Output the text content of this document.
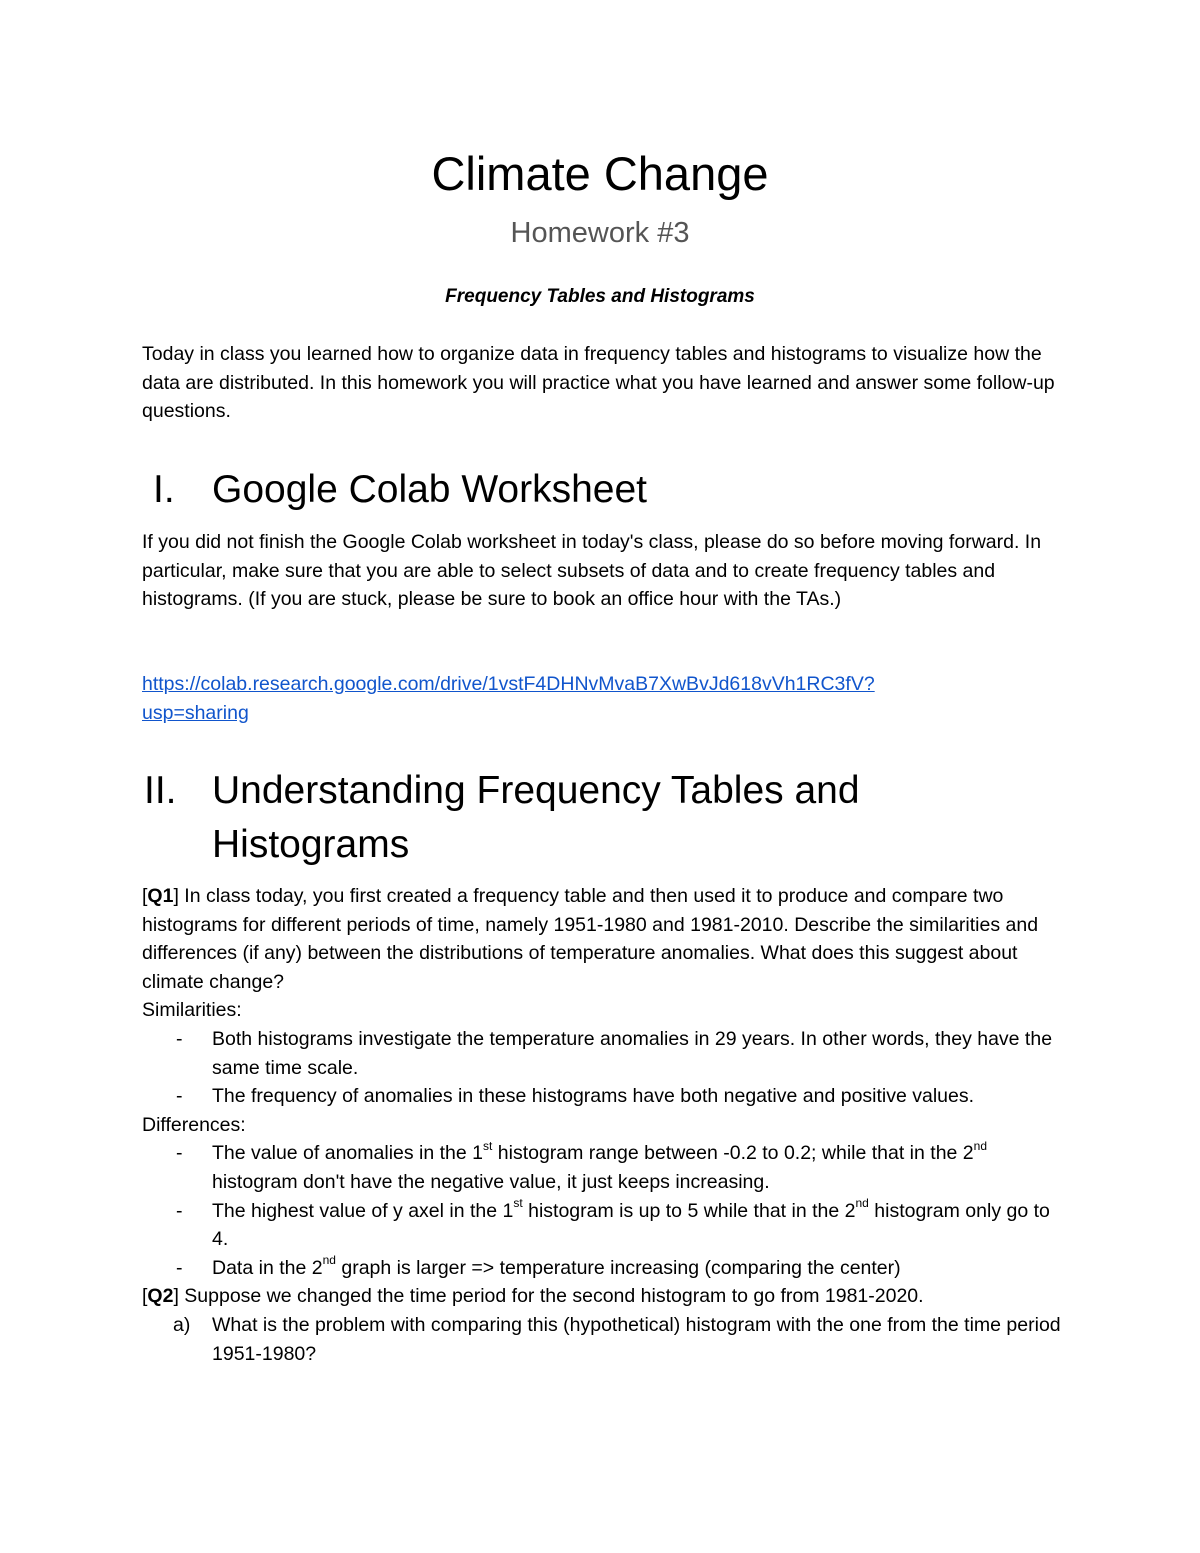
Climate Change
Homework #3
Frequency Tables and Histograms

Today in class you learned how to organize data in frequency tables and histograms to visualize how the data are distributed. In this homework you will practice what you have learned and answer some follow-up questions.

I. Google Colab Worksheet

If you did not finish the Google Colab worksheet in today's class, please do so before moving forward. In particular, make sure that you are able to select subsets of data and to create frequency tables and histograms. (If you are stuck, please be sure to book an office hour with the TAs.)

https://colab.research.google.com/drive/1vstF4DHNvMvaB7XwBvJd618vVh1RC3fV?
usp=sharing
II. Understanding Frequency Tables and
Histograms

[Q1] In class today, you first created a frequency table and then used it to produce and compare two histograms for different periods of time, namely 1951-1980 and 1981-2010. Describe the similarities and differences (if any) between the distributions of temperature anomalies. What does this suggest about climate change?

Similarities:

- Both histograms investigate the temperature anomalies in 29 years. In other words, they have the same time scale.
- The frequency of anomalies in these histograms have both negative and positive values.

Differences:

- The value of anomalies in the 1st histogram range between -0.2 to 0.2; while that in the 2nd histogram don't have the negative value, it just keeps increasing.
- The highest value of y axel in the 1st histogram is up to 5 while that in the 2nd histogram only go to 4.
- Data in the 2nd graph is larger => temperature increasing (comparing the center)

[Q2] Suppose we changed the time period for the second histogram to go from 1981-2020.

a) What is the problem with comparing this (hypothetical) histogram with the one from the time period 1951-1980?
